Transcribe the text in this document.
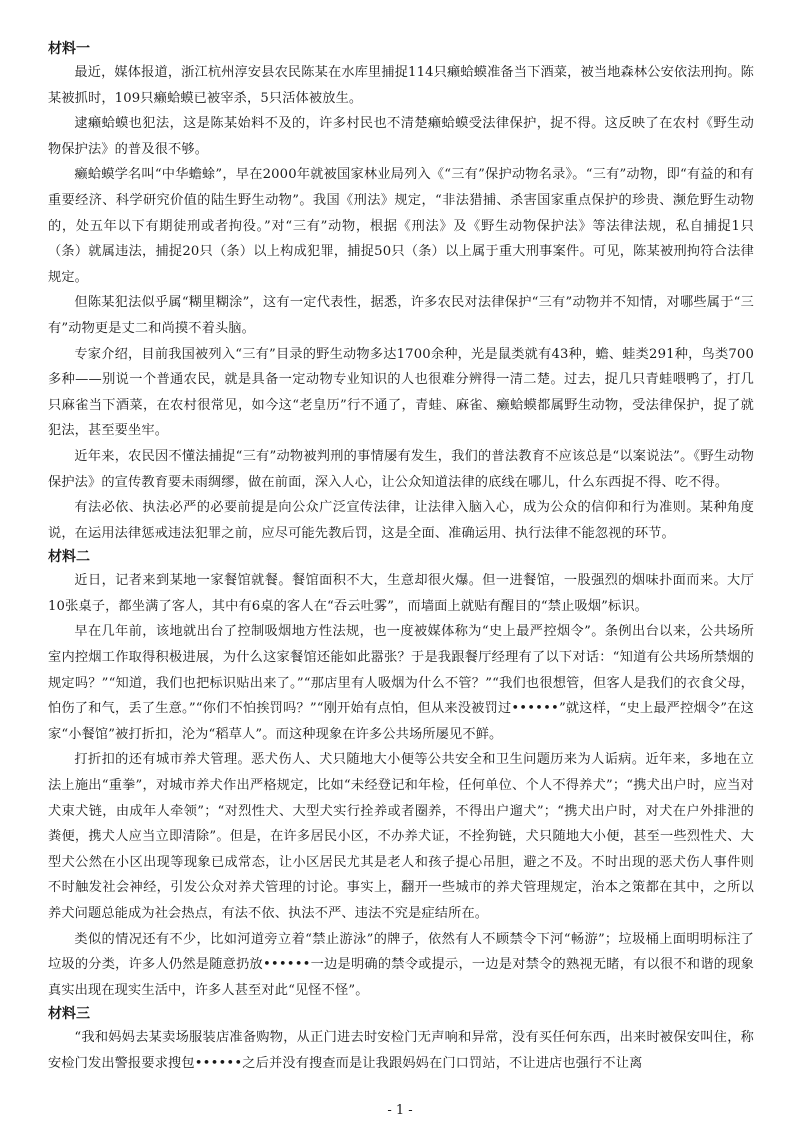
材料一

最近，媒体报道，浙江杭州淳安县农民陈某在水库里捕捉114只癞蛤蟆准备当下酒菜，被当地森林公安依法刑拘。陈某被抓时，109只癞蛤蟆已被宰杀，5只活体被放生。

逮癞蛤蟆也犯法，这是陈某始料不及的，许多村民也不清楚癞蛤蟆受法律保护，捉不得。这反映了在农村《野生动物保护法》的普及很不够。

癞蛤蟆学名叫“中华蟾蜍”，早在2000年就被国家林业局列入《“三有”保护动物名录》。“三有”动物，即“有益的和有重要经济、科学研究价值的陆生野生动物”。我国《刑法》规定，“非法猎捕、杀害国家重点保护的珍贵、濒危野生动物的，处五年以下有期徒刑或者拘役。”对“三有”动物，根据《刑法》及《野生动物保护法》等法律法规，私自捕捉1只（条）就属违法，捕捉20只（条）以上构成犯罪，捕捉50只（条）以上属于重大刑事案件。可见，陈某被刑拘符合法律规定。

但陈某犯法似乎属“糊里糊涂”，这有一定代表性，据悉，许多农民对法律保护“三有”动物并不知情，对哪些属于“三有”动物更是丈二和尚摸不着头脑。

专家介绍，目前我国被列入“三有”目录的野生动物多达1700余种，光是鼠类就有43种，蟾、蛙类291种，鸟类700多种——别说一个普通农民，就是具备一定动物专业知识的人也很难分辨得一清二楚。过去，捉几只青蛙喂鸭了，打几只麻雀当下酒菜，在农村很常见，如今这“老皇历”行不通了，青蛙、麻雀、癞蛤蟆都属野生动物，受法律保护，捉了就犯法，甚至要坐牢。

近年来，农民因不懂法捕捉“三有”动物被判刑的事情屡有发生，我们的普法教育不应该总是“以案说法”。《野生动物保护法》的宣传教育要未雨绸缪，做在前面，深入人心，让公众知道法律的底线在哪儿，什么东西捉不得、吃不得。

有法必依、执法必严的必要前提是向公众广泛宣传法律，让法律入脑入心，成为公众的信仰和行为准则。某种角度说，在运用法律惩戒违法犯罪之前，应尽可能先教后罚，这是全面、准确运用、执行法律不能忽视的环节。

材料二

近日，记者来到某地一家餐馆就餐。餐馆面积不大，生意却很火爆。但一进餐馆，一股强烈的烟味扑面而来。大厅10张桌子，都坐满了客人，其中有6桌的客人在“吞云吐雾”，而墙面上就贴有醒目的“禁止吸烟”标识。

早在几年前，该地就出台了控制吸烟地方性法规，也一度被媒体称为“史上最严控烟令”。条例出台以来，公共场所室内控烟工作取得积极进展，为什么这家餐馆还能如此嚣张？于是我跟餐厅经理有了以下对话：“知道有公共场所禁烟的规定吗？”“知道，我们也把标识贴出来了。”“那店里有人吸烟为什么不管？”“我们也很想管，但客人是我们的衣食父母，怕伤了和气，丢了生意。”“你们不怕挨罚吗？”“刚开始有点怕，但从来没被罚过••••••”就这样，“史上最严控烟令”在这家“小餐馆”被打折扣，沦为“稻草人”。而这种现象在许多公共场所屡见不鲜。

打折扣的还有城市养犬管理。恶犬伤人、犬只随地大小便等公共安全和卫生问题历来为人诟病。近年来，多地在立法上施出“重拳”，对城市养犬作出严格规定，比如“未经登记和年检，任何单位、个人不得养犬”；“携犬出户时，应当对犬束犬链，由成年人牵领”；“对烈性犬、大型犬实行拴养或者圈养，不得出户遛犬”；“携犬出户时，对犬在户外排泄的粪便，携犬人应当立即清除”。但是，在许多居民小区，不办养犬证，不拴狗链，犬只随地大小便，甚至一些烈性犬、大型犬公然在小区出现等现象已成常态，让小区居民尤其是老人和孩子提心吊胆，避之不及。不时出现的恶犬伤人事件则不时触发社会神经，引发公众对养犬管理的讨论。事实上，翻开一些城市的养犬管理规定，治本之策都在其中，之所以养犬问题总能成为社会热点，有法不依、执法不严、违法不究是症结所在。

类似的情况还有不少，比如河道旁立着“禁止游泳”的牌子，依然有人不顾禁令下河“畅游”；垃圾桶上面明明标注了垃圾的分类，许多人仍然是随意扔放••••••一边是明确的禁令或提示，一边是对禁令的熟视无睹，有以很不和谐的现象真实出现在现实生活中，许多人甚至对此“见怪不怪”。

材料三

“我和妈妈去某卖场服装店准备购物，从正门进去时安检门无声响和异常，没有买任何东西，出来时被保安叫住，称安检门发出警报要求搜包••••••之后并没有搜查而是让我跟妈妈在门口罚站，不让进店也强行不让离

- 1 -
